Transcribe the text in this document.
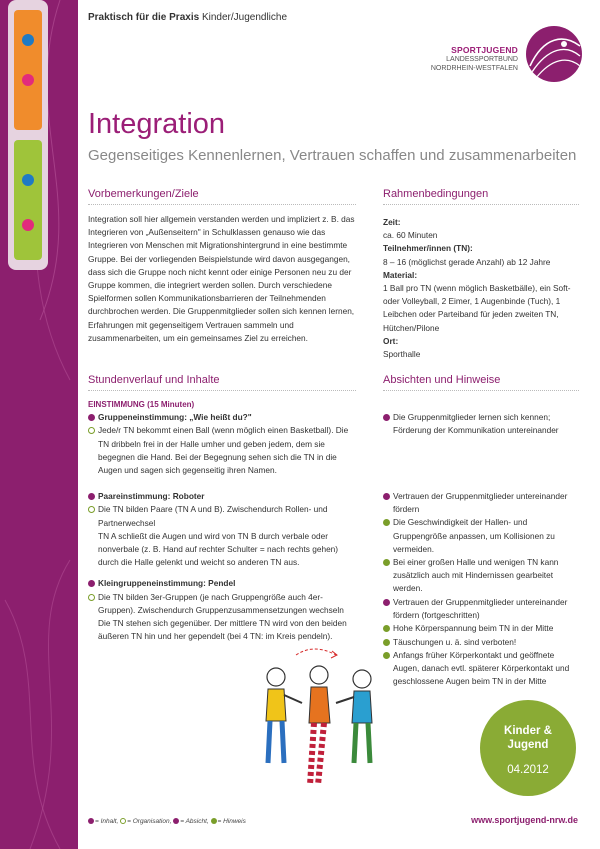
Praktisch für die Praxis Kinder/Jugendliche
SPORTJUGEND
LANDESSPORTBUND
NORDRHEIN-WESTFALEN
Integration
Gegenseitiges Kennenlernen, Vertrauen schaffen und zusammenarbeiten
Vorbemerkungen/Ziele
Integration soll hier allgemein verstanden werden und impliziert z. B. das Integrieren von „Außenseitern" in Schulklassen genauso wie das Integrieren von Menschen mit Migrationshintergrund in eine bestimmte Gruppe. Bei der vorliegenden Beispielstunde wird davon ausgegangen, dass sich die Gruppe noch nicht kennt oder einige Personen neu zu der Gruppe kommen, die integriert werden sollen. Durch verschiedene Spielformen sollen Kommunikationsbarrieren der Teilnehmenden durchbrochen werden. Die Gruppenmitglieder sollen sich kennen lernen, Erfahrungen mit gegenseitigem Vertrauen sammeln und zusammenarbeiten, um ein gemeinsames Ziel zu erreichen.
Rahmenbedingungen
Zeit:
ca. 60 Minuten
Teilnehmer/innen (TN):
8 – 16 (möglichst gerade Anzahl) ab 12 Jahre
Material:
1 Ball pro TN (wenn möglich Basketbälle), ein Soft- oder Volleyball, 2 Eimer, 1 Augenbinde (Tuch), 1 Leibchen oder Parteiband für jeden zweiten TN, Hütchen/Pilone
Ort:
Sporthalle
Stundenverlauf und Inhalte
EINSTIMMUNG (15 Minuten)
Gruppeneinstimmung: „Wie heißt du?"
Jede/r TN bekommt einen Ball (wenn möglich einen Basketball). Die TN dribbeln frei in der Halle umher und geben jedem, dem sie begegnen die Hand. Bei der Begegnung sehen sich die TN in die Augen und sagen sich gegenseitig ihren Namen.
Paareinstimmung: Roboter
Die TN bilden Paare (TN A und B). Zwischendurch Rollen- und Partnerwechsel
TN A schließt die Augen und wird von TN B durch verbale oder nonverbale (z. B. Hand auf rechter Schulter = nach rechts gehen) durch die Halle gelenkt und weicht so anderen TN aus.
Kleingruppeneinstimmung: Pendel
Die TN bilden 3er-Gruppen (je nach Gruppengröße auch 4er-Gruppen). Zwischendurch Gruppenzusammensetzungen wechseln
Die TN stehen sich gegenüber. Der mittlere TN wird von den beiden äußeren TN hin und her gependelt (bei 4 TN: im Kreis pendeln).
Absichten und Hinweise
Die Gruppenmitglieder lernen sich kennen; Förderung der Kommunikation untereinander
Vertrauen der Gruppenmitglieder untereinander fördern
Die Geschwindigkeit der Hallen- und Gruppengröße anpassen, um Kollisionen zu vermeiden.
Bei einer großen Halle und wenigen TN kann zusätzlich auch mit Hindernissen gearbeitet werden.
Vertrauen der Gruppenmitglieder untereinander fördern (fortgeschritten)
Hohe Körperspannung beim TN in der Mitte
Täuschungen u. ä. sind verboten!
Anfangs früher Körperkontakt und geöffnete Augen, danach evtl. späterer Körperkontakt und geschlossene Augen beim TN in der Mitte
Kinder &
Jugend
04.2012
= Inhalt, = Organisation, = Absicht, = Hinweis	www.sportjugend-nrw.de
